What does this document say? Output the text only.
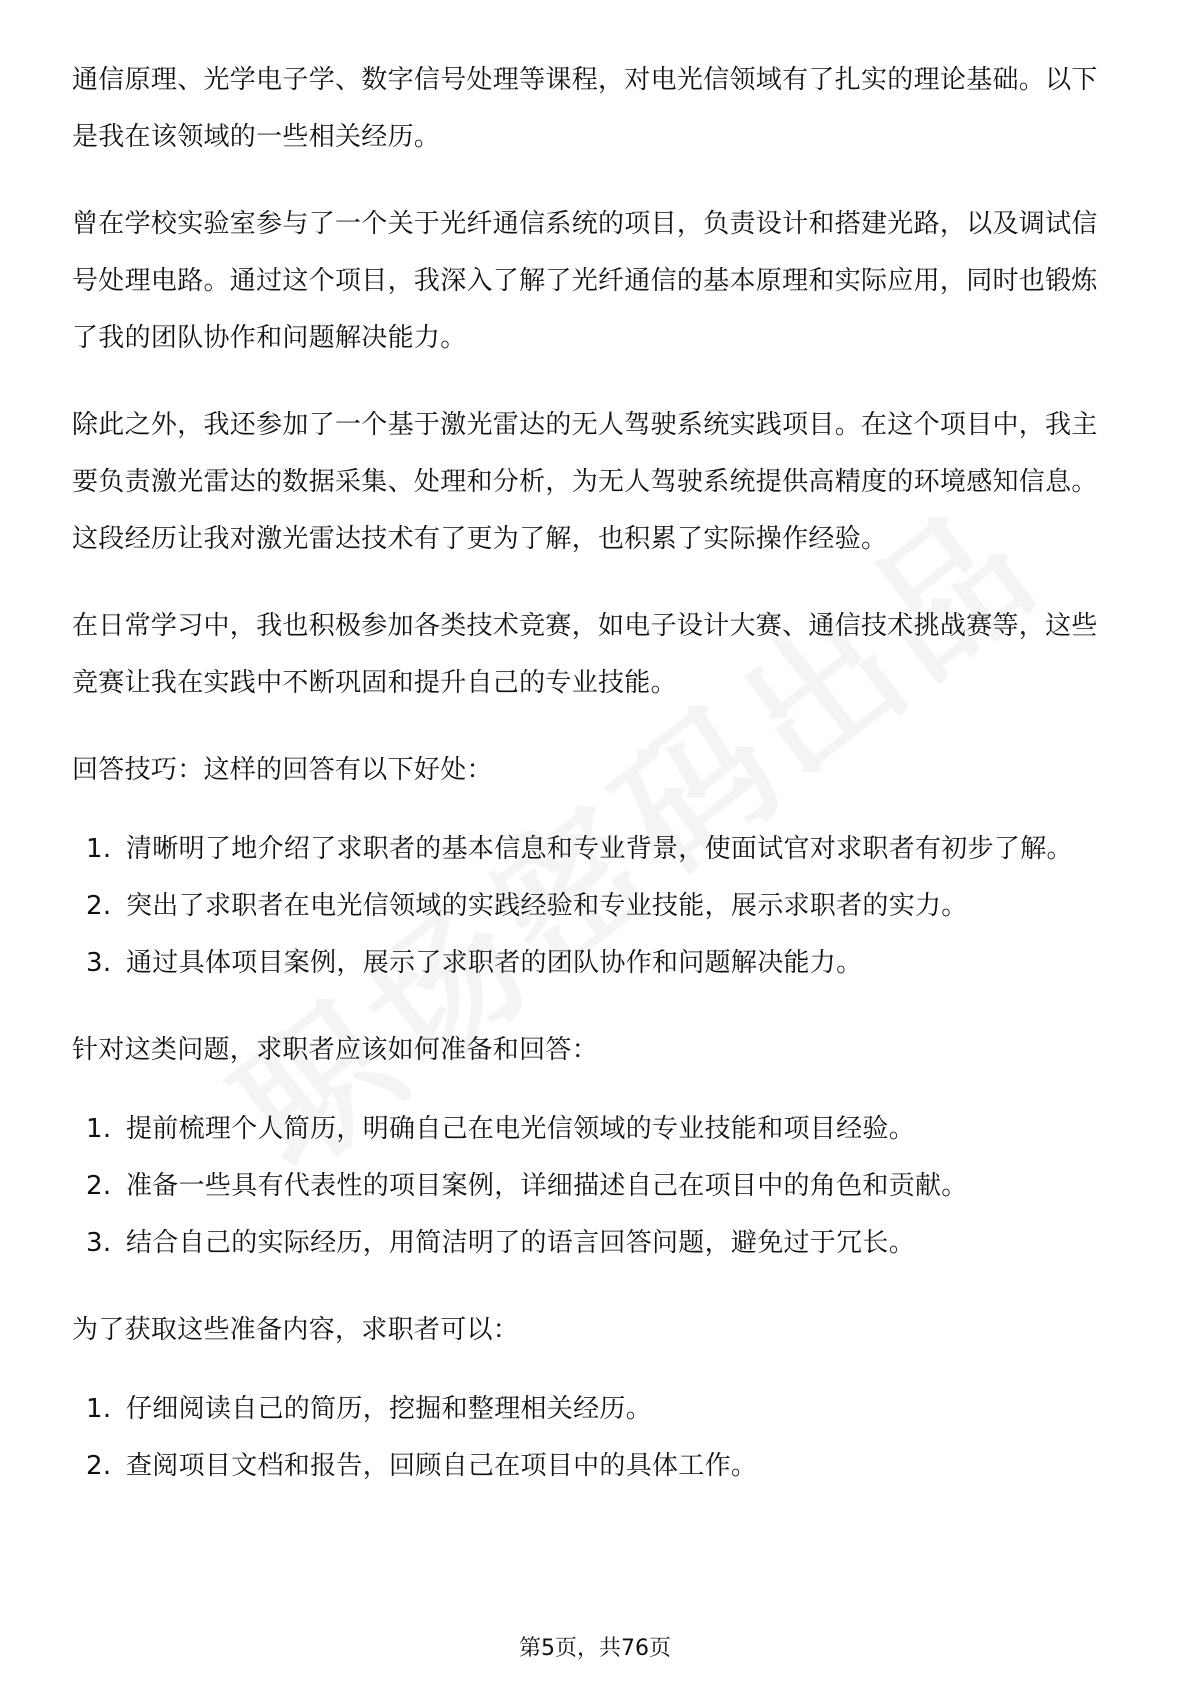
通信原理、光学电子学、数字信号处理等课程，对电光信领域有了扎实的理论基础。以下是我在该领域的一些相关经历。

曾在学校实验室参与了一个关于光纤通信系统的项目，负责设计和搭建光路，以及调试信号处理电路。通过这个项目，我深入了解了光纤通信的基本原理和实际应用，同时也锻炼了我的团队协作和问题解决能力。

除此之外，我还参加了一个基于激光雷达的无人驾驶系统实践项目。在这个项目中，我主要负责激光雷达的数据采集、处理和分析，为无人驾驶系统提供高精度的环境感知信息。这段经历让我对激光雷达技术有了更为了解，也积累了实际操作经验。

在日常学习中，我也积极参加各类技术竞赛，如电子设计大赛、通信技术挑战赛等，这些竞赛让我在实践中不断巩固和提升自己的专业技能。

回答技巧：这样的回答有以下好处：

1. 清晰明了地介绍了求职者的基本信息和专业背景，使面试官对求职者有初步了解。
2. 突出了求职者在电光信领域的实践经验和专业技能，展示求职者的实力。
3. 通过具体项目案例，展示了求职者的团队协作和问题解决能力。

针对这类问题，求职者应该如何准备和回答：

1. 提前梳理个人简历，明确自己在电光信领域的专业技能和项目经验。
2. 准备一些具有代表性的项目案例，详细描述自己在项目中的角色和贡献。
3. 结合自己的实际经历，用简洁明了的语言回答问题，避免过于冗长。

为了获取这些准备内容，求职者可以：

1. 仔细阅读自己的简历，挖掘和整理相关经历。
2. 查阅项目文档和报告，回顾自己在项目中的具体工作。
第5页，共76页
